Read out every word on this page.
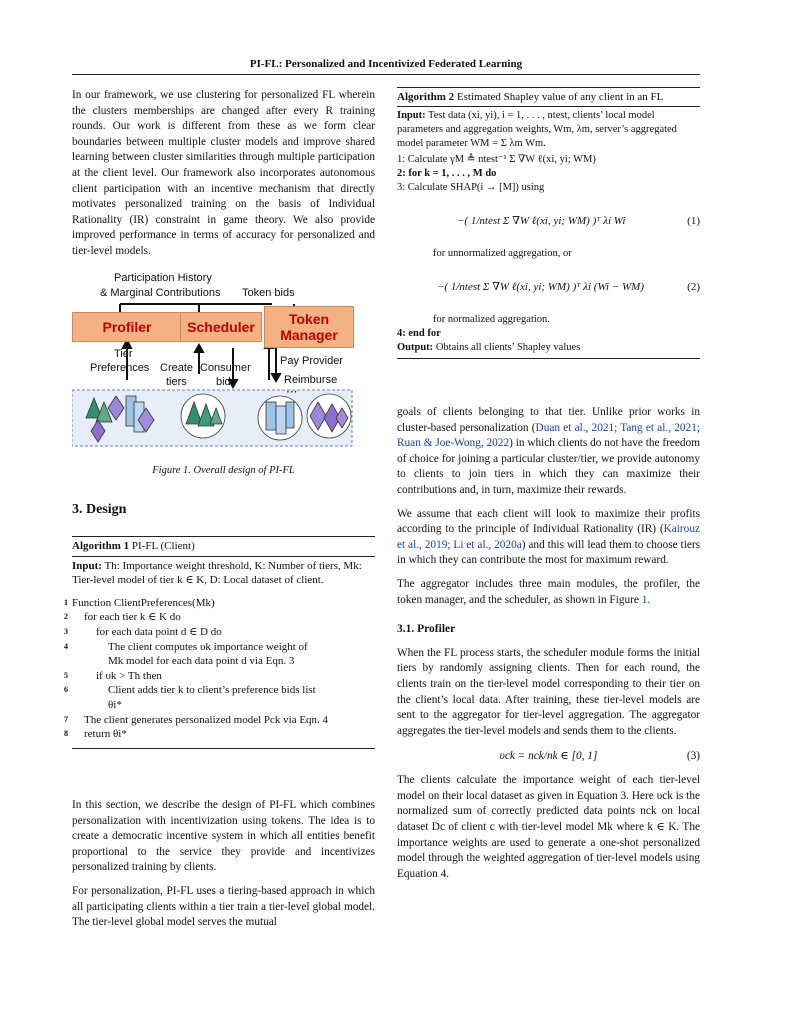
PI-FL: Personalized and Incentivized Federated Learning

In our framework, we use clustering for personalized FL wherein the clusters memberships are changed after every R training rounds. Our work is different from these as we form clear boundaries between multiple cluster models and improve shared learning between cluster similarities through multiple participation at the client level. Our framework also incorporates autonomous client participation with an incentive mechanism that directly motivates personalized training on the basis of Individual Rationality (IR) constraint in game theory. We also provide improved performance in terms of accuracy for personalized and tier-level models.

Participation History
& Marginal Contributions Token bids
···
Profiler	Scheduler	Token Manager
Tier
Preferences Create
tiers
Consumer
bids
Pay Provider
Reimburse
Figure 1. Overall design of PI-FL
3. Design
Algorithm 1 PI-FL (Client)
Input: Th: Importance weight threshold, K: Number of tiers, Mk: Tier-level model of tier k ∈ K, D: Local dataset of client.
1 Function ClientPreferences(Mk)
2 for each tier k ∈ K do
3	for each data point d ∈ D do
4	The client computes υk importance weight of
Mk model for each data point d via Eqn. 3
5	if υk > Th then
6	Client adds tier k to client’s preference bids list
θi*
7 The client generates personalized model Pck via Eqn. 4
8 return θi*

In this section, we describe the design of PI-FL which combines personalization with incentivization using tokens. The idea is to create a democratic incentive system in which all entities benefit proportional to the service they provide and incentivizes personalized training by clients.

For personalization, PI-FL uses a tiering-based approach in which all participating clients within a tier train a tier-level global model. The tier-level global model serves the mutual

Algorithm 2 Estimated Shapley value of any client in an FL
Input: Test data (xi, yi), i = 1, . . . , ntest, clients’ local model parameters and aggregation weights, Wm, λm, server’s aggregated model parameter WM = Σ λm Wm.
1: Calculate γM ≜ ntest⁻¹ Σ ∇W ℓ(xi, yi; WM)
2: for k = 1, . . . , M do
3: Calculate SHAP(i → [M]) using
−( 1/ntest Σ ∇W ℓ(xi, yi; WM) )ᵀ λi Wi	(1)
for unnormalized aggregation, or
−( 1/ntest Σ ∇W ℓ(xi, yi; WM) )ᵀ λi (Wi − WM)	(2)
for normalized aggregation.
4: end for
Output: Obtains all clients’ Shapley values

goals of clients belonging to that tier. Unlike prior works in cluster-based personalization (Duan et al., 2021; Tang et al., 2021; Ruan & Joe-Wong, 2022) in which clients do not have the freedom of choice for joining a particular cluster/tier, we provide autonomy to clients to join tiers in which they can maximize their contributions and, in turn, maximize their rewards.

We assume that each client will look to maximize their profits according to the principle of Individual Rationality (IR) (Kairouz et al., 2019; Li et al., 2020a) and this will lead them to choose tiers in which they can contribute the most for maximum reward.

The aggregator includes three main modules, the profiler, the token manager, and the scheduler, as shown in Figure 1.

3.1. Profiler

When the FL process starts, the scheduler module forms the initial tiers by randomly assigning clients. Then for each round, the clients train on the tier-level model corresponding to their tier on the client’s local data. After training, these tier-level models are sent to the aggregator for tier-level aggregation. The aggregator aggregates the tier-level models and sends them to the clients.

υck = nck/nk ∈ [0, 1]	(3)

The clients calculate the importance weight of each tier-level model on their local dataset as given in Equation 3. Here υck is the normalized sum of correctly predicted data points nck on local dataset Dc of client c with tier-level model Mk where k ∈ K. The importance weights are used to generate a one-shot personalized model through the weighted aggregation of tier-level models using Equation 4.
